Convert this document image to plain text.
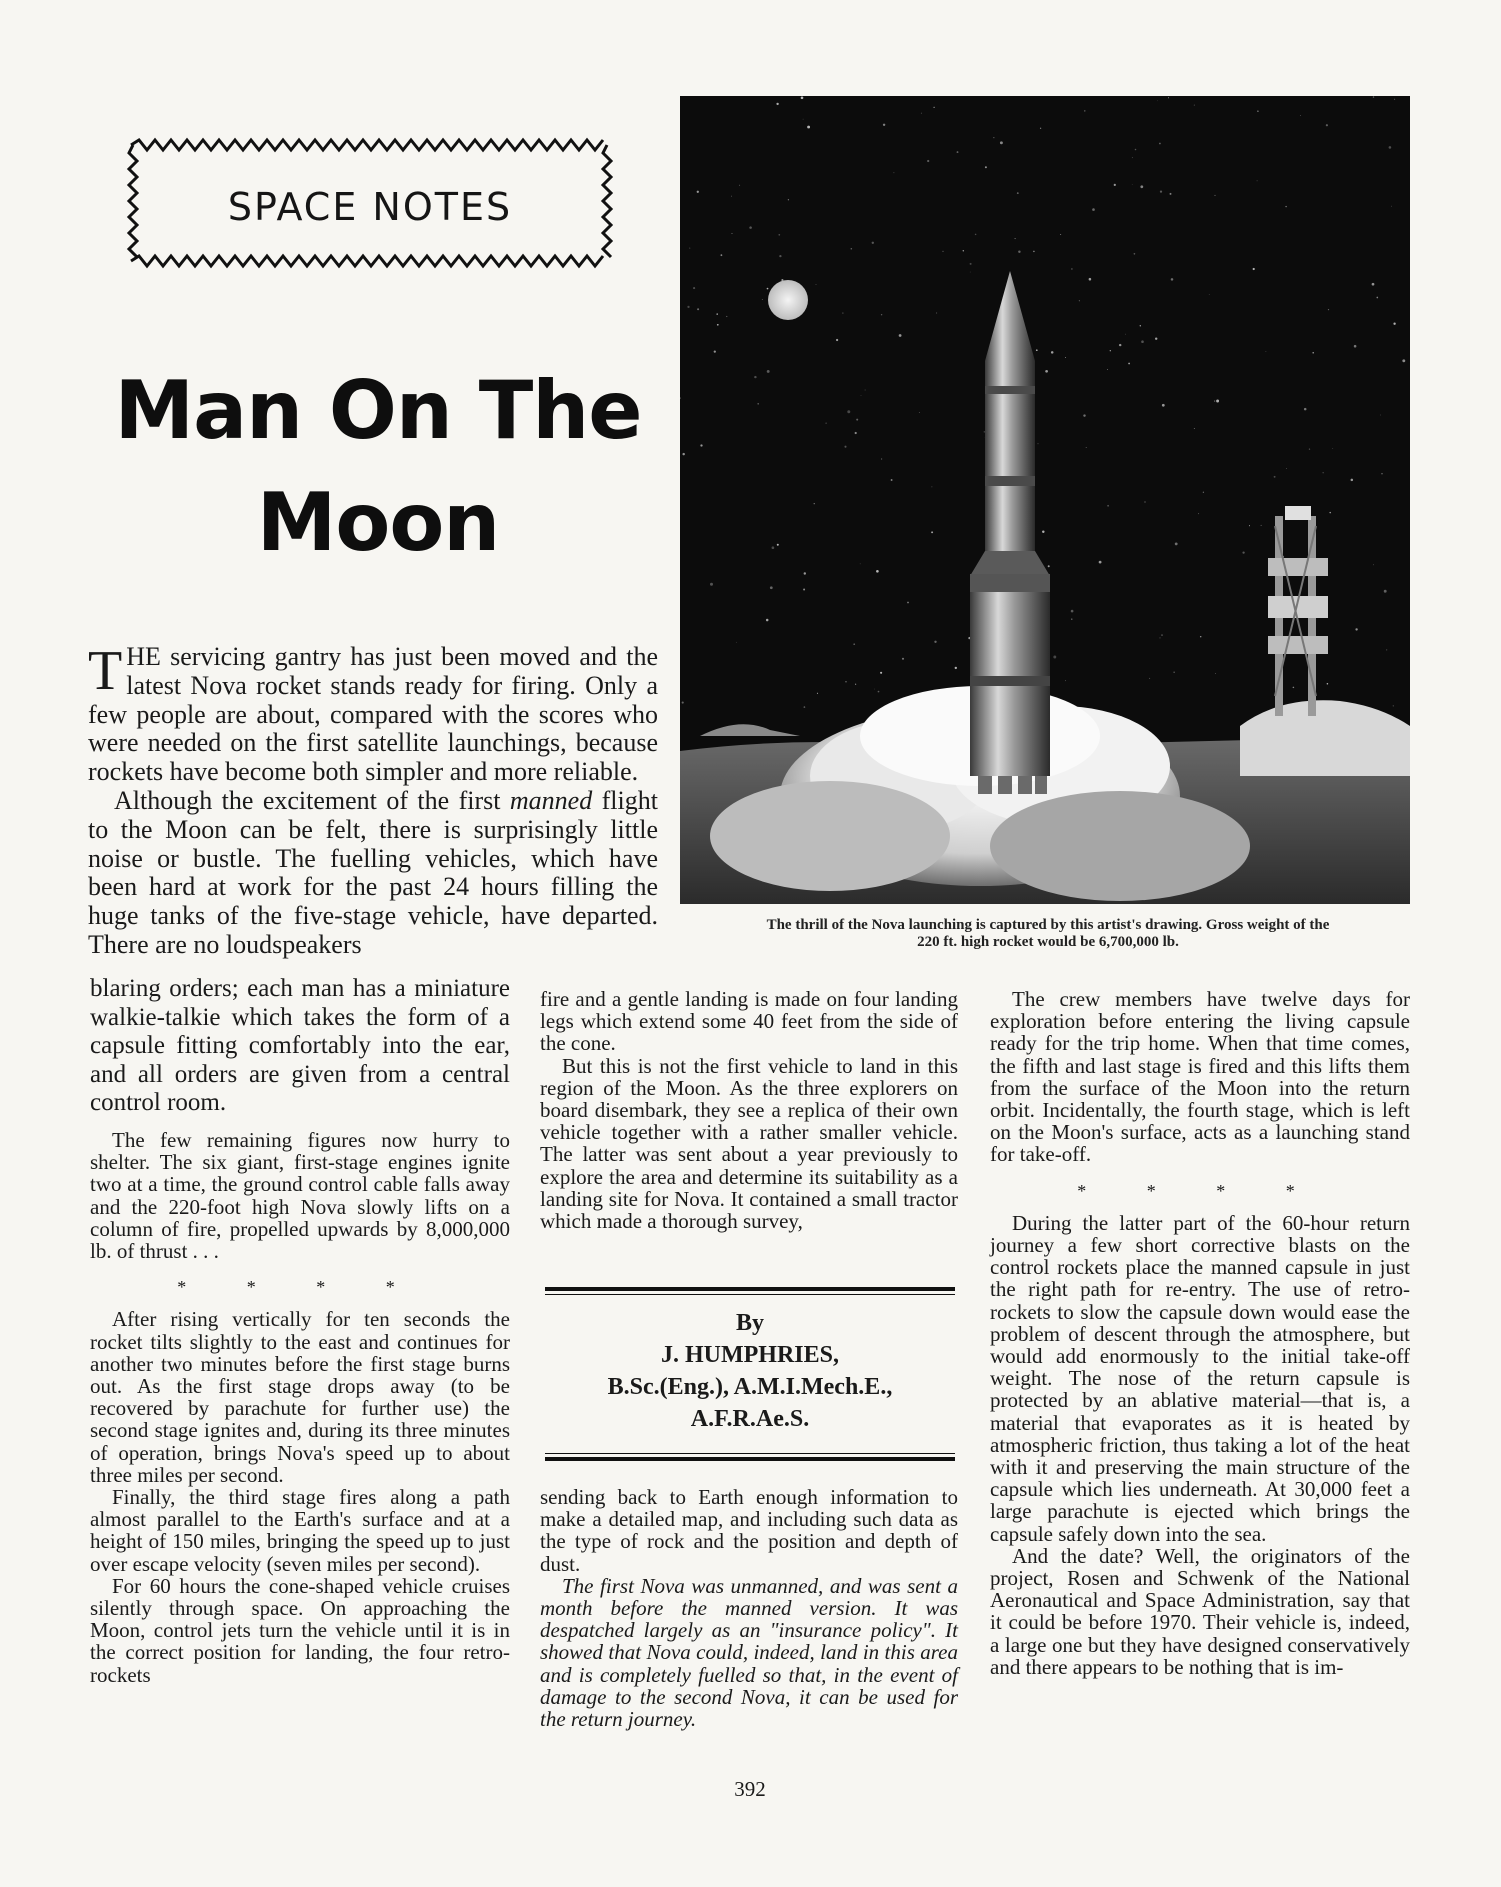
SPACE NOTES
Man On The
Moon
The thrill of the Nova launching is captured by this artist's drawing. Gross weight of the
220 ft. high rocket would be 6,700,000 lb.

THE servicing gantry has just been moved and the latest Nova rocket stands ready for firing. Only a few people are about, compared with the scores who were needed on the first satellite launchings, because rockets have become both simpler and more reliable.

Although the excitement of the first manned flight to the Moon can be felt, there is surprisingly little noise or bustle. The fuelling vehicles, which have been hard at work for the past 24 hours filling the huge tanks of the five-stage vehicle, have departed. There are no loudspeakers

blaring orders; each man has a miniature walkie-talkie which takes the form of a capsule fitting comfortably into the ear, and all orders are given from a central control room.

The few remaining figures now hurry to shelter. The six giant, first-stage engines ignite two at a time, the ground control cable falls away and the 220-foot high Nova slowly lifts on a column of fire, propelled upwards by 8,000,000 lb. of thrust . . .

* * * *

After rising vertically for ten seconds the rocket tilts slightly to the east and continues for another two minutes before the first stage burns out. As the first stage drops away (to be recovered by parachute for further use) the second stage ignites and, during its three minutes of operation, brings Nova's speed up to about three miles per second.

Finally, the third stage fires along a path almost parallel to the Earth's surface and at a height of 150 miles, bringing the speed up to just over escape velocity (seven miles per second).

For 60 hours the cone-shaped vehicle cruises silently through space. On approaching the Moon, control jets turn the vehicle until it is in the correct position for landing, the four retro-rockets

fire and a gentle landing is made on four landing legs which extend some 40 feet from the side of the cone.

But this is not the first vehicle to land in this region of the Moon. As the three explorers on board disembark, they see a replica of their own vehicle together with a rather smaller vehicle. The latter was sent about a year previously to explore the area and determine its suitability as a landing site for Nova. It contained a small tractor which made a thorough survey,

By
J. HUMPHRIES,
B.Sc.(Eng.), A.M.I.Mech.E.,
A.F.R.Ae.S.

sending back to Earth enough information to make a detailed map, and including such data as the type of rock and the position and depth of dust.

The first Nova was unmanned, and was sent a month before the manned version. It was despatched largely as an "insurance policy". It showed that Nova could, indeed, land in this area and is completely fuelled so that, in the event of damage to the second Nova, it can be used for the return journey.

The crew members have twelve days for exploration before entering the living capsule ready for the trip home. When that time comes, the fifth and last stage is fired and this lifts them from the surface of the Moon into the return orbit. Incidentally, the fourth stage, which is left on the Moon's surface, acts as a launching stand for take-off.

* * * *

During the latter part of the 60-hour return journey a few short corrective blasts on the control rockets place the manned capsule in just the right path for re-entry. The use of retro-rockets to slow the capsule down would ease the problem of descent through the atmosphere, but would add enormously to the initial take-off weight. The nose of the return capsule is protected by an ablative material—that is, a material that evaporates as it is heated by atmospheric friction, thus taking a lot of the heat with it and preserving the main structure of the capsule which lies underneath. At 30,000 feet a large parachute is ejected which brings the capsule safely down into the sea.

And the date? Well, the originators of the project, Rosen and Schwenk of the National Aeronautical and Space Administration, say that it could be before 1970. Their vehicle is, indeed, a large one but they have designed conservatively and there appears to be nothing that is im-

392
